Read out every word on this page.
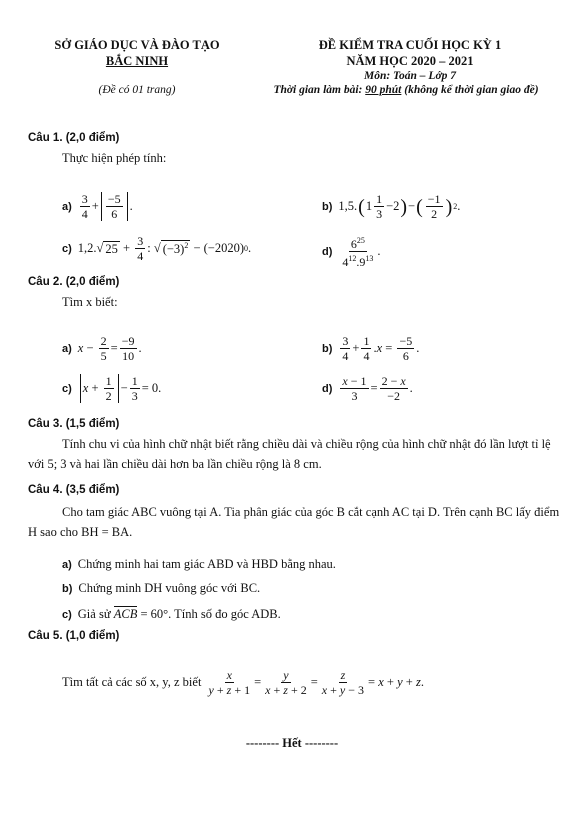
SỞ GIÁO DỤC VÀ ĐÀO TẠO
BẮC NINH
(Đề có 01 trang)
ĐỀ KIỂM TRA CUỐI HỌC KỲ 1
NĂM HỌC 2020 – 2021
Môn: Toán – Lớp 7
Thời gian làm bài: 90 phút (không kể thời gian giao đề)
Câu 1. (2,0 điểm)
Thực hiện phép tính:
$a) \frac{3}{4} + \frac{-5}{6}$ .	b) 1,5. ( $1 \frac{1}{3} -2$ ) − ( $\frac{-1}{2}$ ) 2 .
c) 1,2.√ $25 + \frac{3}{4}$ : √ $(-3)^2 - (-2020)$ 0 .	$d) \frac{6^{25}}{4^{12}.9^{13}}$ .
Câu 2. (2,0 điểm)
Tìm x biết:
a) $x - \frac{2}{5} = \frac{-9}{10}$ .	$b) \frac{3}{4} + \frac{1}{4}$ . $x = \frac{-5}{6}$ .
c) $x + \frac{1}{2} - \frac{1}{3} = 0$.	$d) \frac{x - 1}{3} = \frac{2 - x}{-2}$ .
Câu 3. (1,5 điểm)
Tính chu vi của hình chữ nhật biết rằng chiều dài và chiều rộng của hình chữ nhật đó lần lượt tỉ lệ với 5; 3 và hai lần chiều dài hơn ba lần chiều rộng là 8 cm.
Câu 4. (3,5 điểm)
Cho tam giác ABC vuông tại A. Tia phân giác của góc B cắt cạnh AC tại D. Trên cạnh BC lấy điểm H sao cho BH = BA.
a) Chứng minh hai tam giác ABD và HBD bằng nhau.
b) Chứng minh DH vuông góc với BC.
c) Giả sử ACB = 60°. Tính số đo góc ADB.
Câu 5. (1,0 điểm)
Tìm tất cả các số x, y, z biết
$\frac{x}{y + z + 1} = \frac{y}{x + z + 2} = \frac{z}{x + y - 3} = x + y + z$ .
-------- Hết --------
